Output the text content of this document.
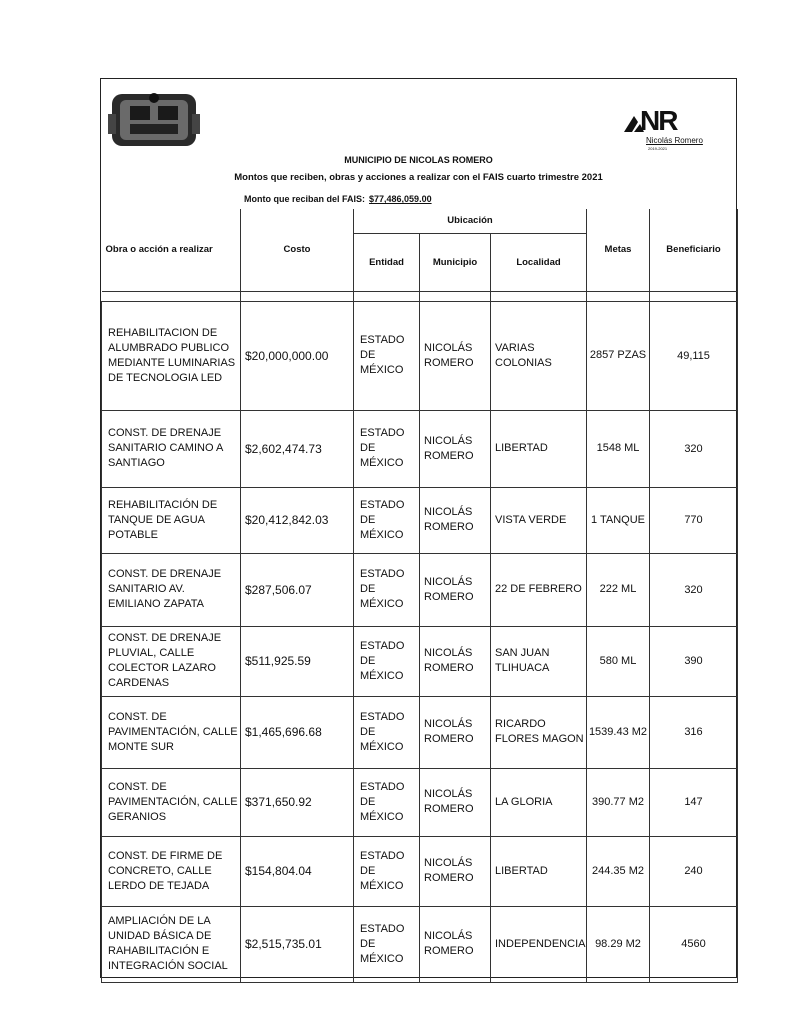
NR
Nicolás Romero
2019-2021
MUNICIPIO DE NICOLAS ROMERO
Montos que reciben, obras y acciones a realizar con el FAIS cuarto trimestre 2021
Monto que reciban del FAIS: $77,486,059.00
Obra o acción a realizar	Costo	Ubicación			Metas	Beneficiario
		Entidad	Municipio	Localidad		

REHABILITACION DE ALUMBRADO PUBLICO MEDIANTE LUMINARIAS DE TECNOLOGIA LED	$20,000,000.00	ESTADO DE MÉXICO	NICOLÁS ROMERO	VARIAS COLONIAS	2857 PZAS	49,115
CONST. DE DRENAJE SANITARIO CAMINO A SANTIAGO	$2,602,474.73	ESTADO DE MÉXICO	NICOLÁS ROMERO	LIBERTAD	1548 ML	320
REHABILITACIÓN DE TANQUE DE AGUA POTABLE	$20,412,842.03	ESTADO DE MÉXICO	NICOLÁS ROMERO	VISTA VERDE	1 TANQUE	770
CONST. DE DRENAJE SANITARIO AV. EMILIANO ZAPATA	$287,506.07	ESTADO DE MÉXICO	NICOLÁS ROMERO	22 DE FEBRERO	222 ML	320
CONST. DE DRENAJE PLUVIAL, CALLE COLECTOR LAZARO CARDENAS	$511,925.59	ESTADO DE MÉXICO	NICOLÁS ROMERO	SAN JUAN TLIHUACA	580 ML	390
CONST. DE PAVIMENTACIÓN, CALLE MONTE SUR	$1,465,696.68	ESTADO DE MÉXICO	NICOLÁS ROMERO	RICARDO FLORES MAGON	1539.43 M2	316
CONST. DE PAVIMENTACIÓN, CALLE GERANIOS	$371,650.92	ESTADO DE MÉXICO	NICOLÁS ROMERO	LA GLORIA	390.77 M2	147
CONST. DE FIRME DE CONCRETO, CALLE LERDO DE TEJADA	$154,804.04	ESTADO DE MÉXICO	NICOLÁS ROMERO	LIBERTAD	244.35 M2	240
AMPLIACIÓN DE LA UNIDAD BÁSICA DE RAHABILITACIÓN E INTEGRACIÓN SOCIAL	$2,515,735.01	ESTADO DE MÉXICO	NICOLÁS ROMERO	INDEPENDENCIA	98.29 M2	4560
